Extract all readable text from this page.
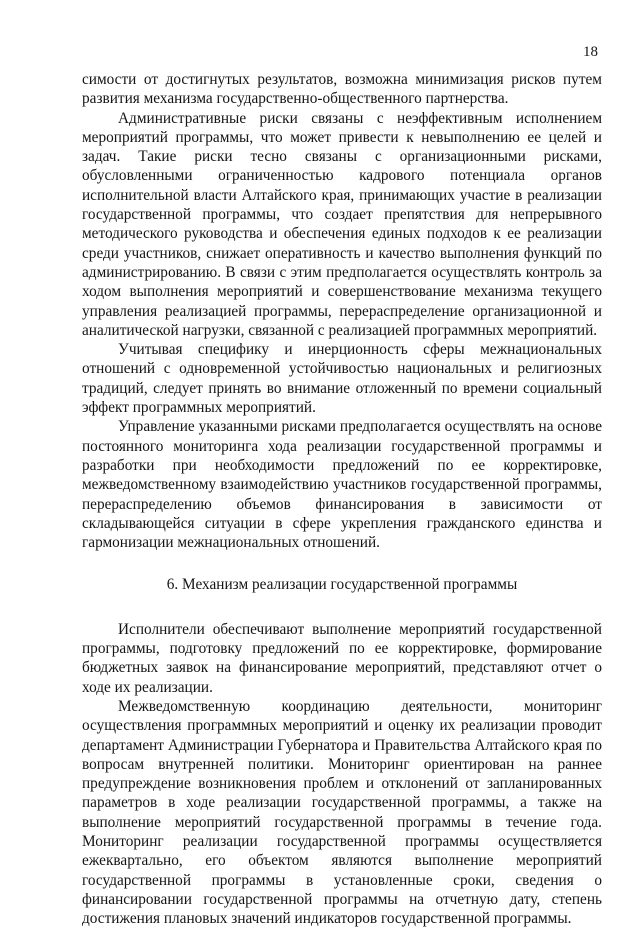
18

симости от достигнутых результатов, возможна минимизация рисков путем развития механизма государственно-общественного партнерства.

Административные риски связаны с неэффективным исполнением мероприятий программы, что может привести к невыполнению ее целей и задач. Такие риски тесно связаны с организационными рисками, обусловленными ограниченностью кадрового потенциала органов исполнительной власти Алтайского края, принимающих участие в реализации государственной программы, что создает препятствия для непрерывного методического руководства и обеспечения единых подходов к ее реализации среди участников, снижает оперативность и качество выполнения функций по администрированию. В связи с этим предполагается осуществлять контроль за ходом выполнения мероприятий и совершенствование механизма текущего управления реализацией программы, перераспределение организационной и аналитической нагрузки, связанной с реализацией программных мероприятий.

Учитывая специфику и инерционность сферы межнациональных отношений с одновременной устойчивостью национальных и религиозных традиций, следует принять во внимание отложенный по времени социальный эффект программных мероприятий.

Управление указанными рисками предполагается осуществлять на основе постоянного мониторинга хода реализации государственной программы и разработки при необходимости предложений по ее корректировке, межведомственному взаимодействию участников государственной программы, перераспределению объемов финансирования в зависимости от складывающейся ситуации в сфере укрепления гражданского единства и гармонизации межнациональных отношений.

6. Механизм реализации государственной программы

Исполнители обеспечивают выполнение мероприятий государственной программы, подготовку предложений по ее корректировке, формирование бюджетных заявок на финансирование мероприятий, представляют отчет о ходе их реализации.

Межведомственную координацию деятельности, мониторинг осуществления программных мероприятий и оценку их реализации проводит департамент Администрации Губернатора и Правительства Алтайского края по вопросам внутренней политики. Мониторинг ориентирован на раннее предупреждение возникновения проблем и отклонений от запланированных параметров в ходе реализации государственной программы, а также на выполнение мероприятий государственной программы в течение года. Мониторинг реализации государственной программы осуществляется ежеквартально, его объектом являются выполнение мероприятий государственной программы в установленные сроки, сведения о финансировании государственной программы на отчетную дату, степень достижения плановых значений индикаторов государственной программы.
